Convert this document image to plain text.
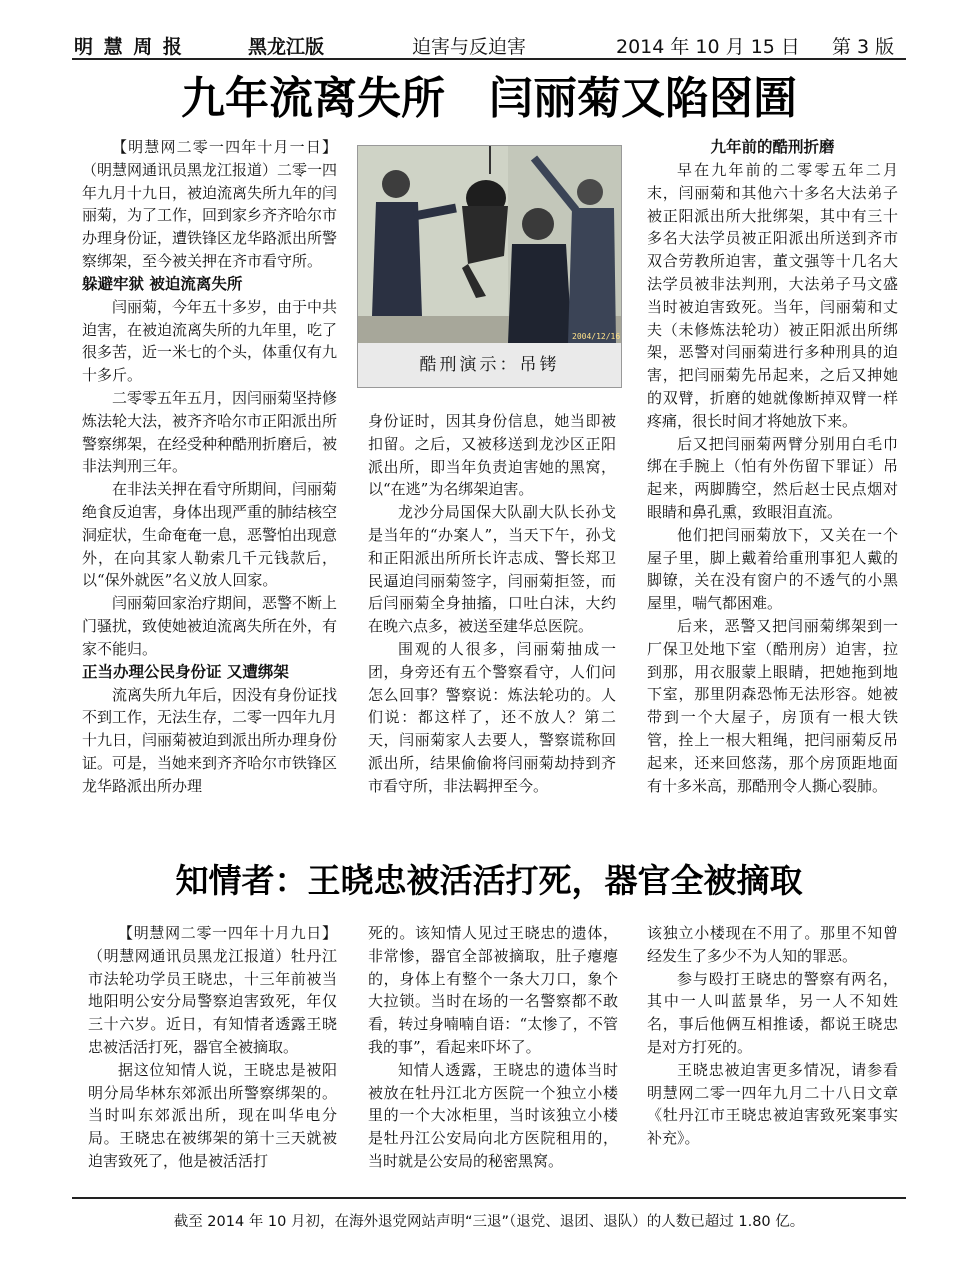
明 慧 周 报	黑龙江版	迫害与反迫害	2014 年 10 月 15 日 第 3 版
九年流离失所　闫丽菊又陷囹圄

【明慧网二零一四年十月一日】（明慧网通讯员黑龙江报道）二零一四年九月十九日，被迫流离失所九年的闫丽菊，为了工作，回到家乡齐齐哈尔市办理身份证，遭铁锋区龙华路派出所警察绑架，至今被关押在齐市看守所。

躲避牢狱 被迫流离失所

闫丽菊，今年五十多岁，由于中共迫害，在被迫流离失所的九年里，吃了很多苦，近一米七的个头，体重仅有九十多斤。

二零零五年五月，因闫丽菊坚持修炼法轮大法，被齐齐哈尔市正阳派出所警察绑架，在经受种种酷刑折磨后，被非法判刑三年。

在非法关押在看守所期间，闫丽菊绝食反迫害，身体出现严重的肺结核空洞症状，生命奄奄一息，恶警怕出现意外，在向其家人勒索几千元钱款后，以“保外就医”名义放人回家。

闫丽菊回家治疗期间，恶警不断上门骚扰，致使她被迫流离失所在外，有家不能归。

正当办理公民身份证 又遭绑架

流离失所九年后，因没有身份证找不到工作，无法生存，二零一四年九月十九日，闫丽菊被迫到派出所办理身份证。可是，当她来到齐齐哈尔市铁锋区龙华路派出所办理

2004/12/16
酷刑演示：吊铐

身份证时，因其身份信息，她当即被扣留。之后，又被移送到龙沙区正阳派出所，即当年负责迫害她的黑窝，以“在逃”为名绑架迫害。

龙沙分局国保大队副大队长孙戈是当年的“办案人”，当天下午，孙戈和正阳派出所所长许志成、警长郑卫民逼迫闫丽菊签字，闫丽菊拒签，而后闫丽菊全身抽搐，口吐白沫，大约在晚六点多，被送至建华总医院。

围观的人很多，闫丽菊抽成一团，身旁还有五个警察看守，人们问怎么回事？警察说：炼法轮功的。人们说：都这样了，还不放人？第二天，闫丽菊家人去要人，警察谎称回派出所，结果偷偷将闫丽菊劫持到齐市看守所，非法羁押至今。

九年前的酷刑折磨

早在九年前的二零零五年二月末，闫丽菊和其他六十多名大法弟子被正阳派出所大批绑架，其中有三十多名大法学员被正阳派出所送到齐市双合劳教所迫害，董文强等十几名大法学员被非法判刑，大法弟子马文盛当时被迫害致死。当年，闫丽菊和丈夫（未修炼法轮功）被正阳派出所绑架，恶警对闫丽菊进行多种刑具的迫害，把闫丽菊先吊起来，之后又抻她的双臂，折磨的她就像断掉双臂一样疼痛，很长时间才将她放下来。

后又把闫丽菊两臂分别用白毛巾绑在手腕上（怕有外伤留下罪证）吊起来，两脚腾空，然后赵士民点烟对眼睛和鼻孔熏，致眼泪直流。

他们把闫丽菊放下，又关在一个屋子里，脚上戴着给重刑事犯人戴的脚镣，关在没有窗户的不透气的小黑屋里，喘气都困难。

后来，恶警又把闫丽菊绑架到一厂保卫处地下室（酷刑房）迫害，拉到那，用衣服蒙上眼睛，把她拖到地下室，那里阴森恐怖无法形容。她被带到一个大屋子，房顶有一根大铁管，拴上一根大粗绳，把闫丽菊反吊起来，还来回悠荡，那个房顶距地面有十多米高，那酷刑令人撕心裂肺。

知情者：王晓忠被活活打死，器官全被摘取

【明慧网二零一四年十月九日】（明慧网通讯员黑龙江报道）牡丹江市法轮功学员王晓忠，十三年前被当地阳明公安分局警察迫害致死，年仅三十六岁。近日，有知情者透露王晓忠被活活打死，器官全被摘取。

据这位知情人说，王晓忠是被阳明分局华林东郊派出所警察绑架的。当时叫东郊派出所，现在叫华电分局。王晓忠在被绑架的第十三天就被迫害致死了，他是被活活打

死的。该知情人见过王晓忠的遗体，非常惨，器官全部被摘取，肚子瘪瘪的，身体上有整个一条大刀口，象个大拉锁。当时在场的一名警察都不敢看，转过身喃喃自语：“太惨了，不管我的事”，看起来吓坏了。

知情人透露，王晓忠的遗体当时被放在牡丹江北方医院一个独立小楼里的一个大冰柜里，当时该独立小楼是牡丹江公安局向北方医院租用的，当时就是公安局的秘密黑窝。

该独立小楼现在不用了。那里不知曾经发生了多少不为人知的罪恶。

参与殴打王晓忠的警察有两名，其中一人叫蓝景华，另一人不知姓名，事后他俩互相推诿，都说王晓忠是对方打死的。

王晓忠被迫害更多情况，请参看明慧网二零一四年九月二十八日文章《牡丹江市王晓忠被迫害致死案事实补充》。

截至 2014 年 10 月初，在海外退党网站声明“三退”（退党、退团、退队）的人数已超过 1.80 亿。
